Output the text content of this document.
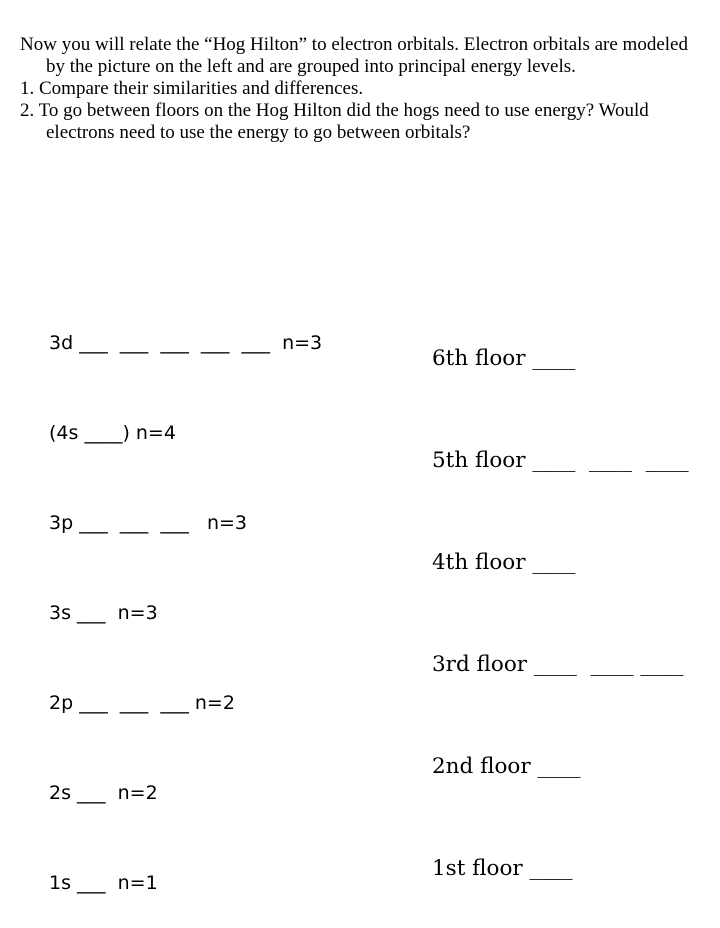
Now you will relate the “Hog Hilton” to electron orbitals. Electron orbitals are modeled by the picture on the left and are grouped into principal energy levels.

1. Compare their similarities and differences.

2. To go between floors on the Hog Hilton did the hogs need to use energy? Would electrons need to use the energy to go between orbitals?

3d ___  ___  ___  ___  ___  n=3

(4s ____) n=4

3p ___  ___  ___   n=3

3s ___  n=3

2p ___  ___  ___ n=2

2s ___  n=2

1s ___  n=1

6th floor ____

5th floor ____  ____  ____

4th floor ____

3rd floor ____  ____ ____

2nd floor ____

1st floor ____
